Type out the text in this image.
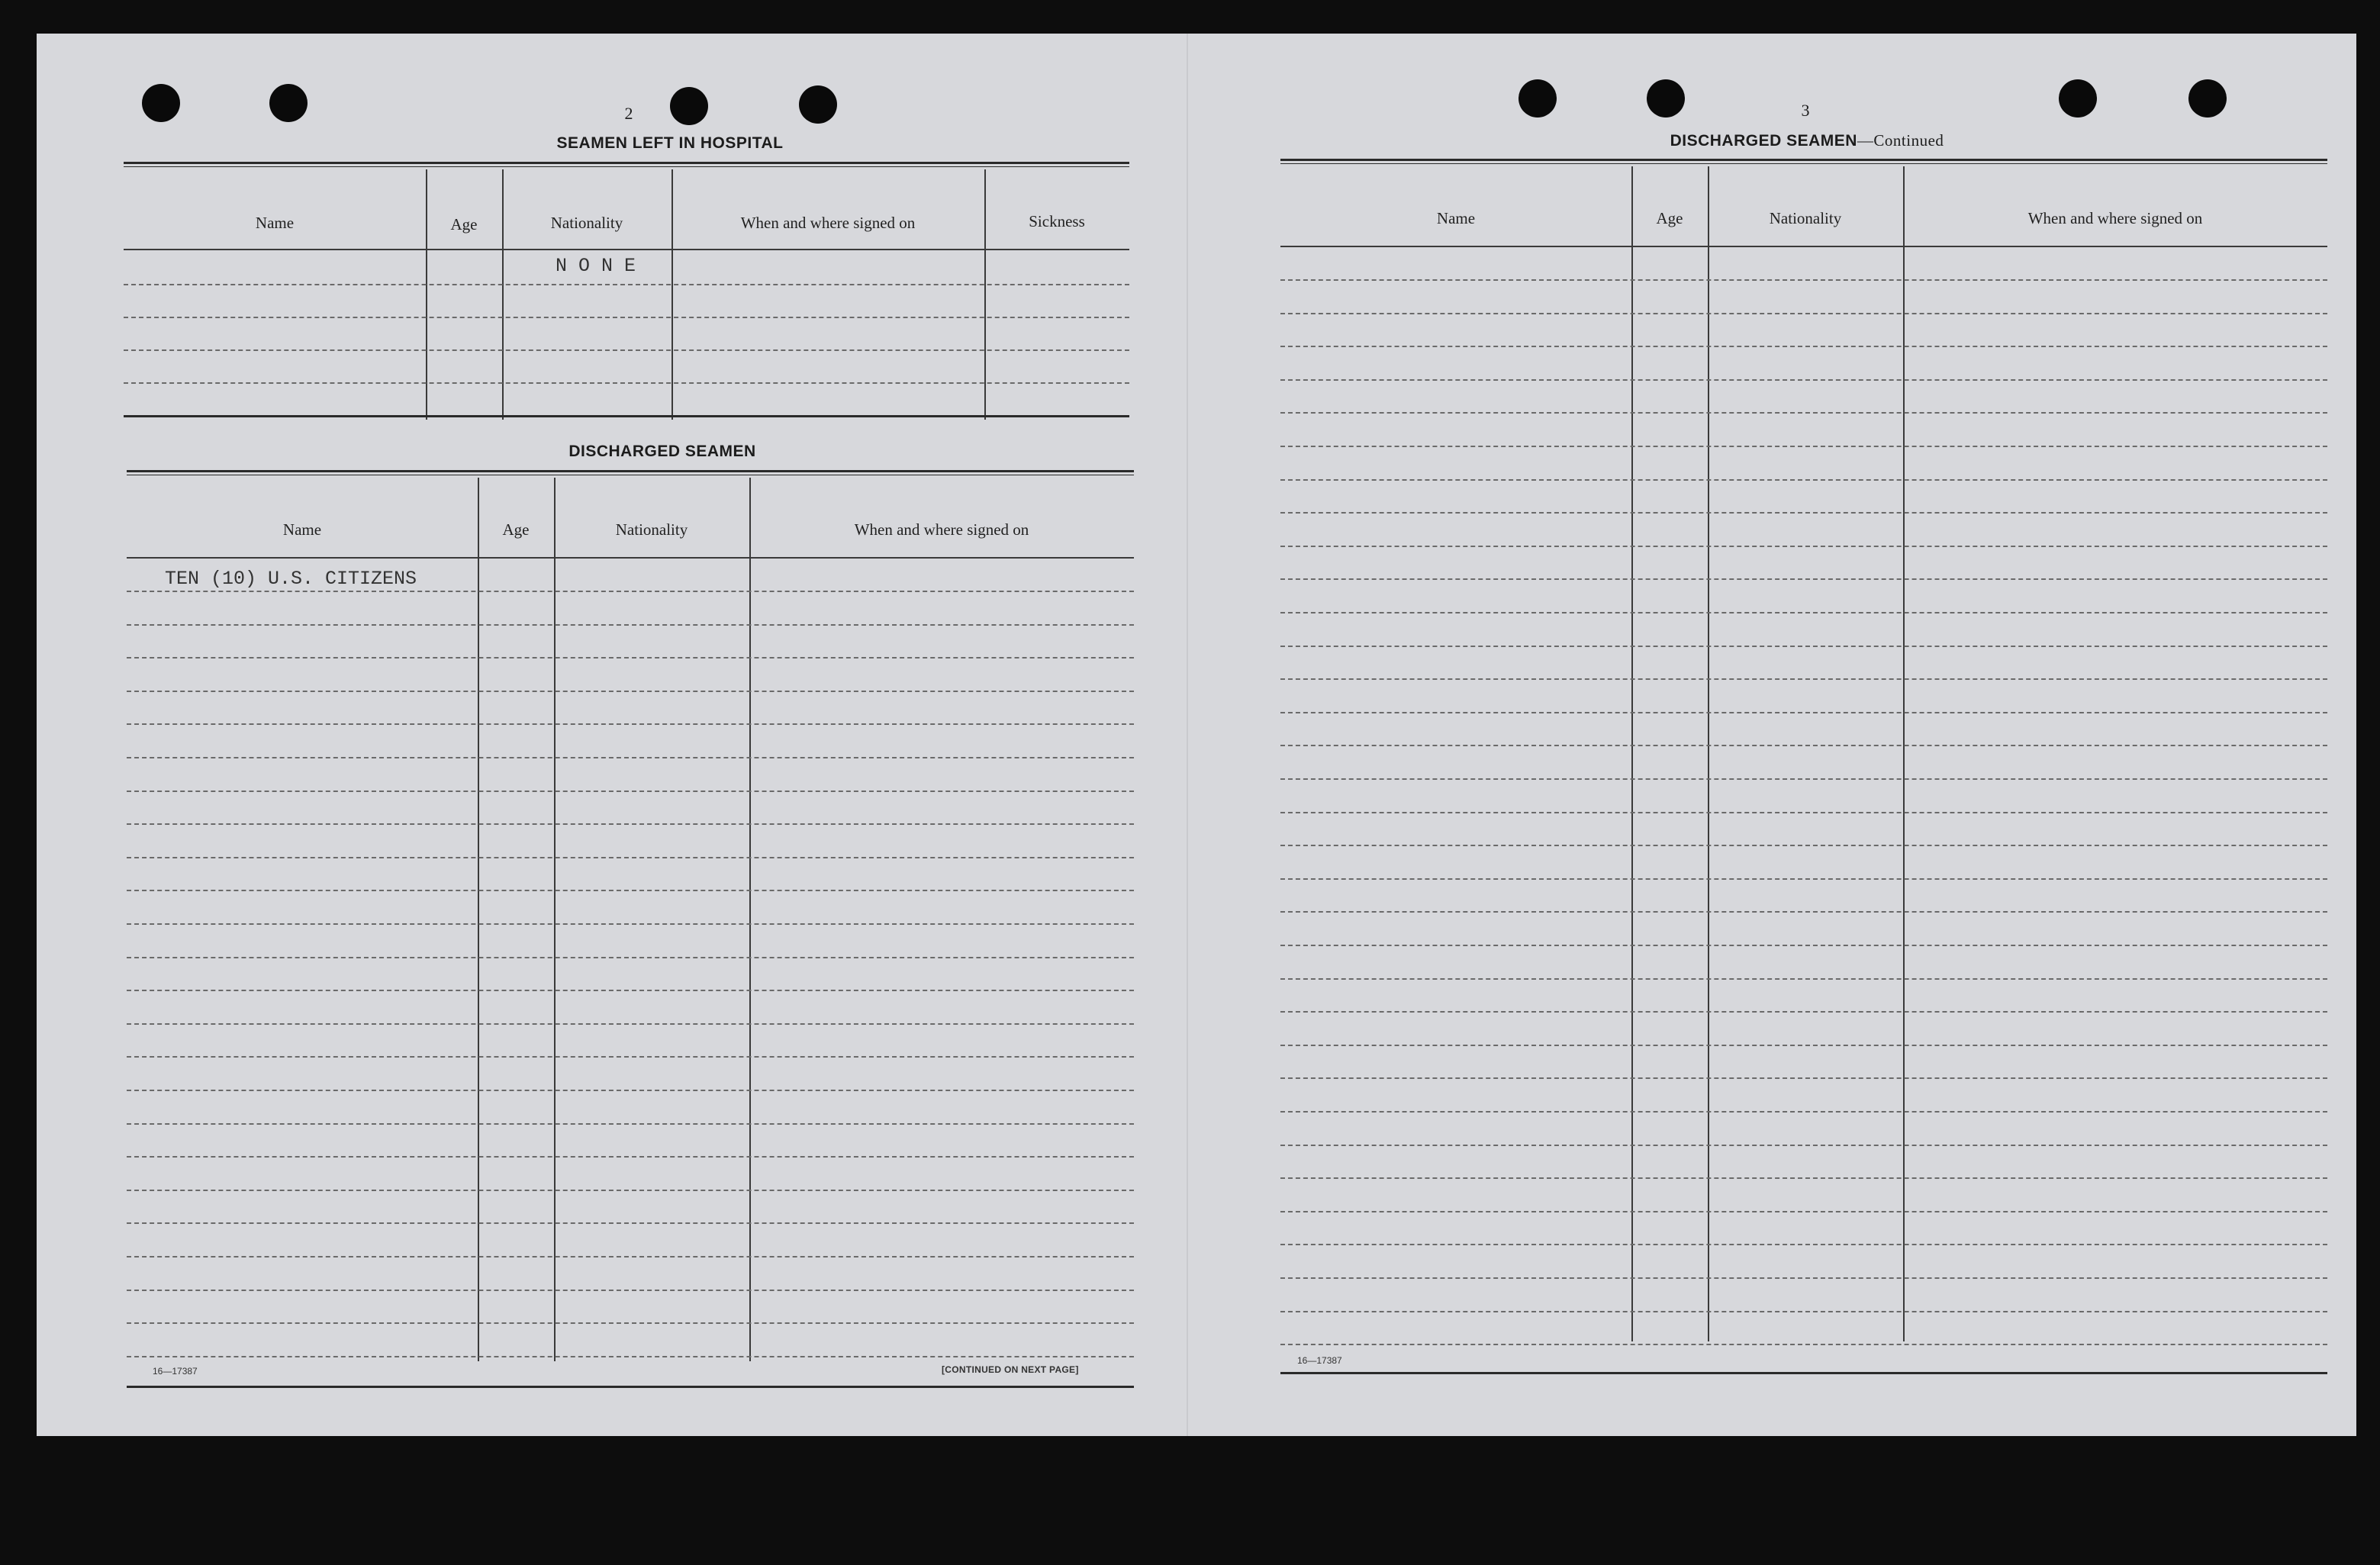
2
SEAMEN LEFT IN HOSPITAL
Name	Age	Nationality	When and where signed on	Sickness
N O N E
DISCHARGED SEAMEN
Name	Age	Nationality	When and where signed on
TEN (10) U.S. CITIZENS
16—17387	[CONTINUED ON NEXT PAGE]
3
DISCHARGED SEAMEN—Continued
Name	Age	Nationality	When and where signed on
16—17387
